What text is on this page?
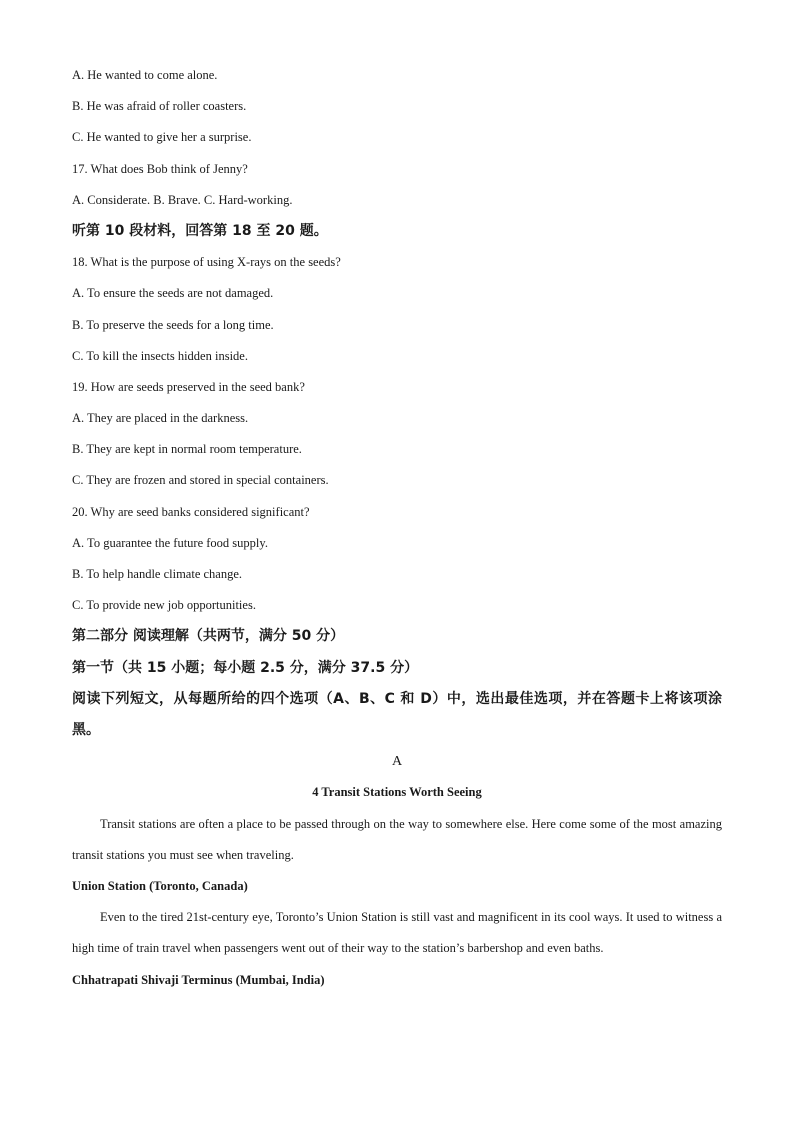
A. He wanted to come alone.
B. He was afraid of roller coasters.
C. He wanted to give her a surprise.
17. What does Bob think of Jenny?
A. Considerate. B. Brave. C. Hard-working.
听第 10 段材料，回答第 18 至 20 题。
18. What is the purpose of using X-rays on the seeds?
A. To ensure the seeds are not damaged.
B. To preserve the seeds for a long time.
C. To kill the insects hidden inside.
19. How are seeds preserved in the seed bank?
A. They are placed in the darkness.
B. They are kept in normal room temperature.
C. They are frozen and stored in special containers.
20. Why are seed banks considered significant?
A. To guarantee the future food supply.
B. To help handle climate change.
C. To provide new job opportunities.
第二部分 阅读理解（共两节，满分 50 分）
第一节（共 15 小题；每小题 2.5 分，满分 37.5 分）

阅读下列短文，从每题所给的四个选项（A、B、C 和 D）中，选出最佳选项，并在答题卡上将该项涂黑。

A
4 Transit Stations Worth Seeing

Transit stations are often a place to be passed through on the way to somewhere else. Here come some of the most amazing transit stations you must see when traveling.

Union Station (Toronto, Canada)

Even to the tired 21st-century eye, Toronto’s Union Station is still vast and magnificent in its cool ways. It used to witness a high time of train travel when passengers went out of their way to the station’s barbershop and even baths.

Chhatrapati Shivaji Terminus (Mumbai, India)
